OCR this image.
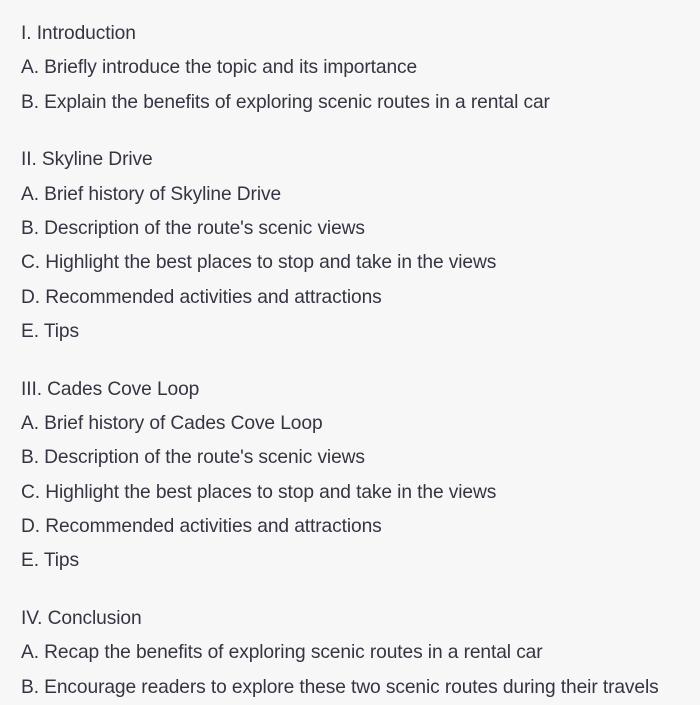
I. Introduction
A. Briefly introduce the topic and its importance
B. Explain the benefits of exploring scenic routes in a rental car
II. Skyline Drive
A. Brief history of Skyline Drive
B. Description of the route's scenic views
C. Highlight the best places to stop and take in the views
D. Recommended activities and attractions
E. Tips
III. Cades Cove Loop
A. Brief history of Cades Cove Loop
B. Description of the route's scenic views
C. Highlight the best places to stop and take in the views
D. Recommended activities and attractions
E. Tips
IV. Conclusion
A. Recap the benefits of exploring scenic routes in a rental car
B. Encourage readers to explore these two scenic routes during their travels
